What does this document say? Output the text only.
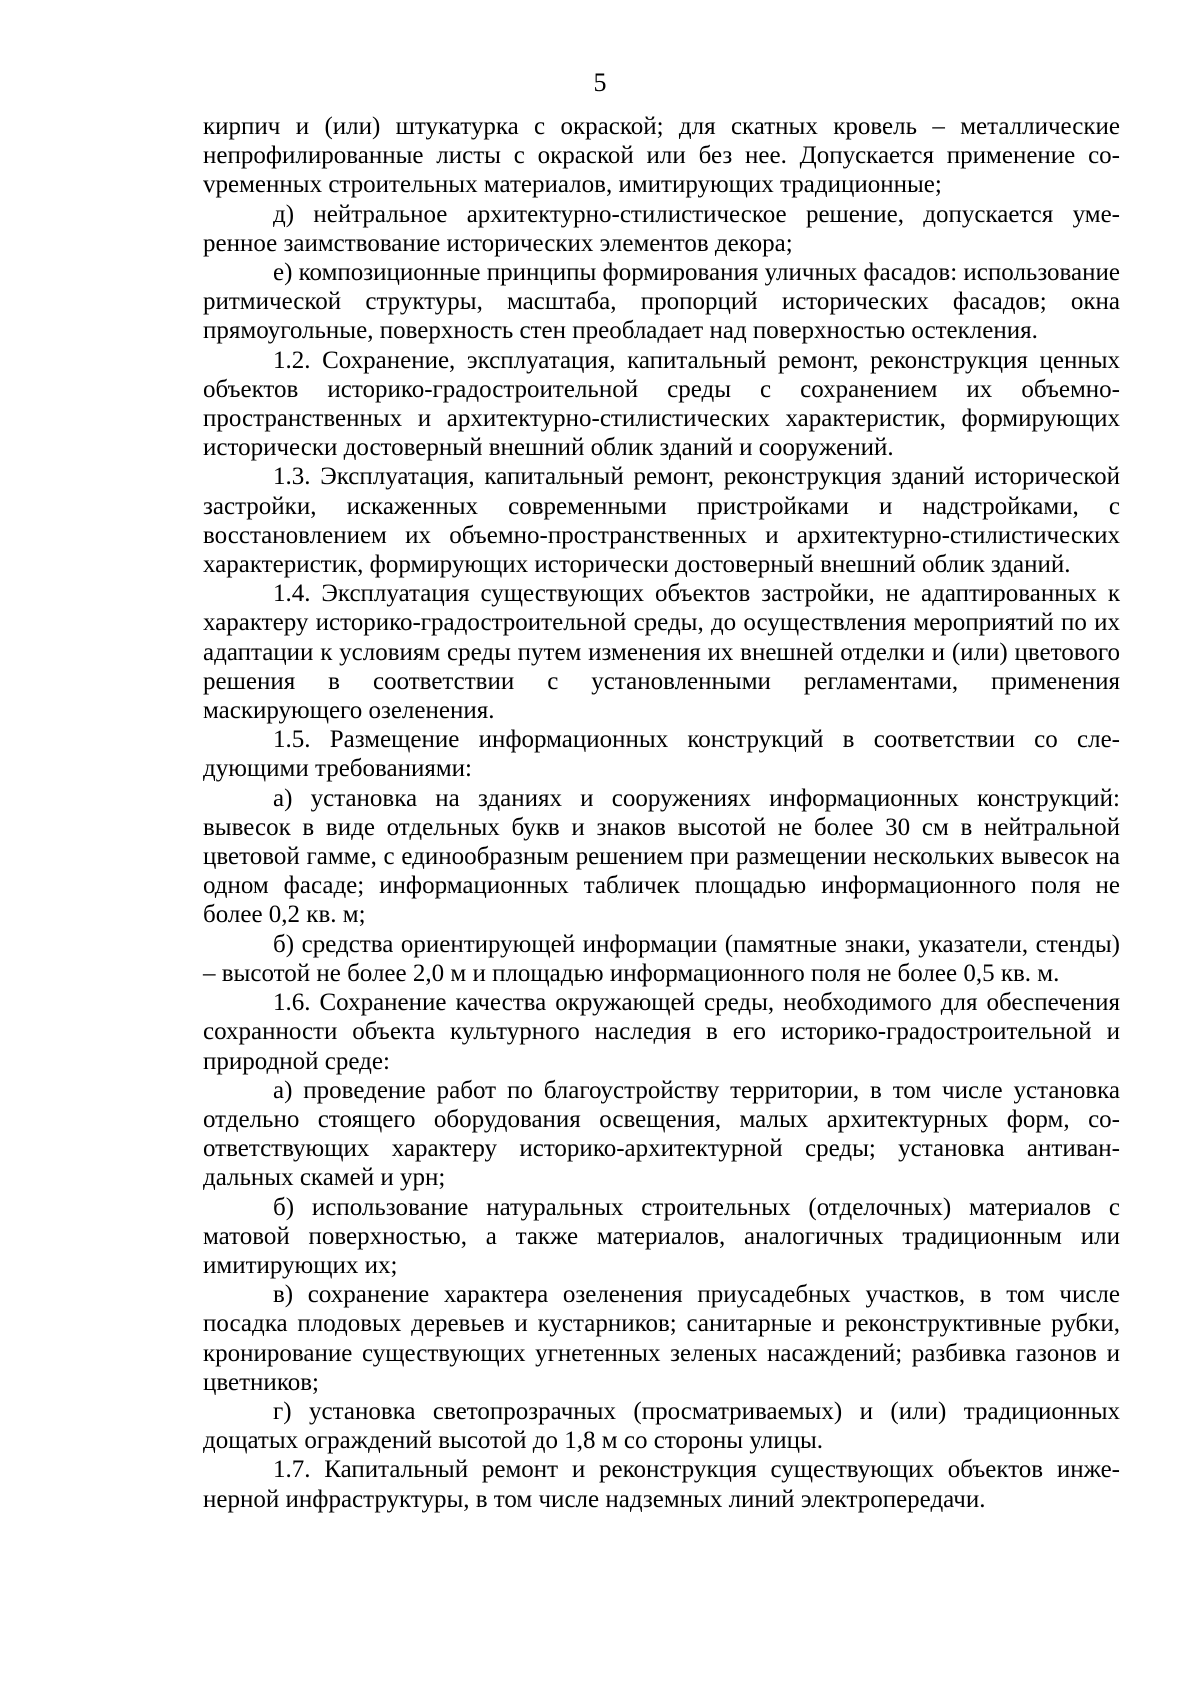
5

кирпич и (или) штукатурка с окраской; для скатных кровель – металлические непрофилированные листы с окраской или без нее. Допускается применение соvременных строительных материалов, имитирующих традиционные;

д) нейтральное архитектурно-стилистическое решение, допускается умеренное заимствование исторических элементов декора;

е) композиционные принципы формирования уличных фасадов: использование ритмической структуры, масштаба, пропорций исторических фасадов; окна прямоугольные, поверхность стен преобладает над поверхностью остекления.

1.2. Сохранение, эксплуатация, капитальный ремонт, реконструкция ценных объектов историко-градостроительной среды с сохранением их объемно-пространственных и архитектурно-стилистических характеристик, формирующих исторически достоверный внешний облик зданий и сооружений.

1.3. Эксплуатация, капитальный ремонт, реконструкция зданий исторической застройки, искаженных современными пристройками и надстройками, с восстановлением их объемно-пространственных и архитектурно-стилистических характеристик, формирующих исторически достоверный внешний облик зданий.

1.4. Эксплуатация существующих объектов застройки, не адаптированных к характеру историко-градостроительной среды, до осуществления мероприятий по их адаптации к условиям среды путем изменения их внешней отделки и (или) цветового решения в соответствии с установленными регламентами, применения маскирующего озеленения.

1.5. Размещение информационных конструкций в соответствии со следующими требованиями:

а) установка на зданиях и сооружениях информационных конструкций: вывесок в виде отдельных букв и знаков высотой не более 30 см в нейтральной цветовой гамме, с единообразным решением при размещении нескольких вывесок на одном фасаде; информационных табличек площадью информационного поля не более 0,2 кв. м;

б) средства ориентирующей информации (памятные знаки, указатели, стенды) – высотой не более 2,0 м и площадью информационного поля не более 0,5 кв. м.

1.6. Сохранение качества окружающей среды, необходимого для обеспечения сохранности объекта культурного наследия в его историко-градостроительной и природной среде:

а) проведение работ по благоустройству территории, в том числе установка отдельно стоящего оборудования освещения, малых архитектурных форм, соответствующих характеру историко-архитектурной среды; установка антивандальных скамей и урн;

б) использование натуральных строительных (отделочных) материалов с матовой поверхностью, а также материалов, аналогичных традиционным или имитирующих их;

в) сохранение характера озеленения приусадебных участков, в том числе посадка плодовых деревьев и кустарников; санитарные и реконструктивные рубки, кронирование существующих угнетенных зеленых насаждений; разбивка газонов и цветников;

г) установка светопрозрачных (просматриваемых) и (или) традиционных дощатых ограждений высотой до 1,8 м со стороны улицы.

1.7. Капитальный ремонт и реконструкция существующих объектов инженерной инфраструктуры, в том числе надземных линий электропередачи.
